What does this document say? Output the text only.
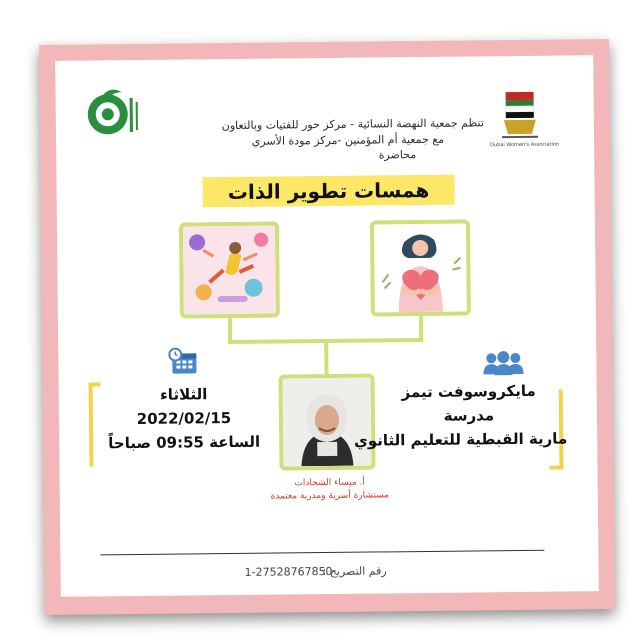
Dubai Women's Association
تنظم جمعية النهضة النسائية - مركز حور للفتيات وبالتعاون
مع جمعية أم المؤمنين -مركز مودة الأسري
محاضرة
همسات تطوير الذات
الثلاثاء
2022/02/15
الساعة 09:55 صباحاً
مايكروسوفت تيمز
مدرسة
مارية القبطية للتعليم الثانوي
أ. ميساء الشحادات
مستشارة أسرية ومدربة معتمدة
1-27528767850
رقم التصريح :
